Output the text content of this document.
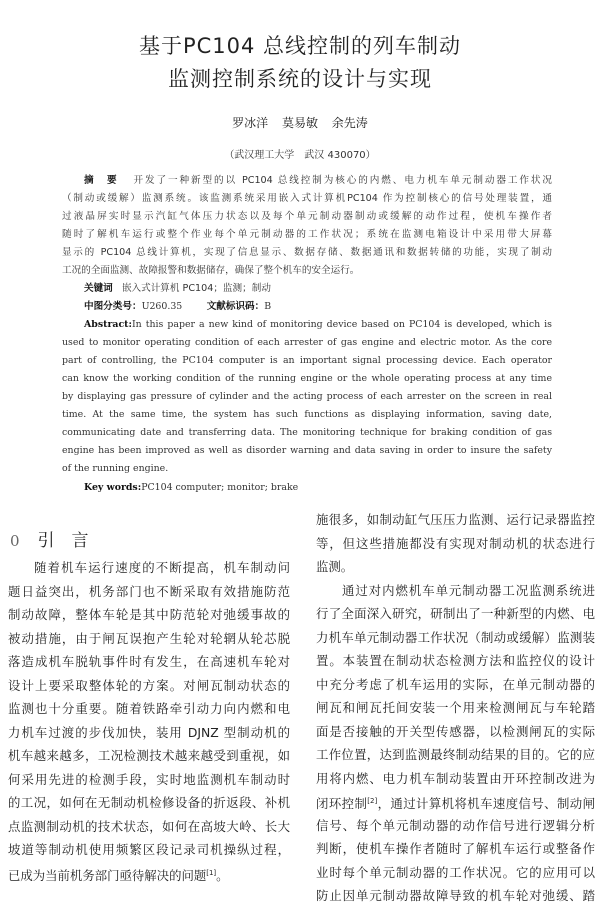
基于PC104 总线控制的列车制动
监测控制系统的设计与实现
罗冰洋 莫易敏 余先涛
（武汉理工大学　武汉 430070）
摘　要 开发了一种新型的以 PC104 总线控制为核心的内燃、电力机车单元制动器工作状况
（制动或缓解）监测系统。该监测系统采用嵌入式计算机PC104 作为控制核心的信号处理装置，通
过液晶屏实时显示汽缸气体压力状态以及每个单元制动器制动或缓解的动作过程，使机车操作者
随时了解机车运行或整个作业每个单元制动器的工作状况；系统在监测电箱设计中采用带大屏幕
显示的 PC104 总线计算机，实现了信息显示、数据存储、数据通讯和数据转储的功能，实现了制动
工况的全面监测、故障报警和数据储存，确保了整个机车的安全运行。
关键词 嵌入式计算机 PC104；监测；制动
中图分类号：U260.35	文献标识码：B
Abstract:In this paper a new kind of monitoring device based on PC104 is developed, which is
used to monitor operating condition of each arrester of gas engine and electric motor. As the core
part of controlling, the PC104 computer is an important signal processing device. Each operator
can know the working condition of the running engine or the whole operating process at any time
by displaying gas pressure of cylinder and the acting process of each arrester on the screen in real
time. At the same time, the system has such functions as displaying information, saving date,
communicating date and transferring data. The monitoring technique for braking condition of gas
engine has been improved as well as disorder warning and data saving in order to insure the safety
of the running engine.
Key words:PC104 computer; monitor; brake
0 引　言
随着机车运行速度的不断提高，机车制动问
题日益突出，机务部门也不断采取有效措施防范
制动故障，整体车轮是其中防范轮对弛缓事故的
被动措施，由于闸瓦误抱产生轮对轮辋从轮芯脱
落造成机车脱轨事件时有发生，在高速机车轮对
设计上要采取整体轮的方案。对闸瓦制动状态的
监测也十分重要。随着铁路牵引动力向内燃和电
力机车过渡的步伐加快，装用 DJNZ 型制动机的
机车越来越多，工况检测技术越来越受到重视，如
何采用先进的检测手段，实时地监测机车制动时
的工况，如何在无制动机检修设备的折返段、补机
点监测制动机的技术状态，如何在高坡大岭、长大
坡道等制动机使用频繁区段记录司机操纵过程，
已成为当前机务部门亟待解决的问题[1]。
施很多，如制动缸气压压力监测、运行记录器监控
等，但这些措施都没有实现对制动机的状态进行
监测。
通过对内燃机车单元制动器工况监测系统进
行了全面深入研究，研制出了一种新型的内燃、电
力机车单元制动器工作状况（制动或缓解）监测装
置。本装置在制动状态检测方法和监控仪的设计
中充分考虑了机车运用的实际，在单元制动器的
闸瓦和闸瓦托间安装一个用来检测闸瓦与车轮踏
面是否接触的开关型传感器，以检测闸瓦的实际
工作位置，达到监测最终制动结果的目的。它的应
用将内燃、电力机车制动装置由开环控制改进为
闭环控制[2]，通过计算机将机车速度信号、制动闸
信号、每个单元制动器的动作信号进行逻辑分析
判断，使机车操作者随时了解机车运行或整备作
业时每个单元制动器的工作状况。它的应用可以
防止因单元制动器故障导致的机车轮对弛缓、踏
